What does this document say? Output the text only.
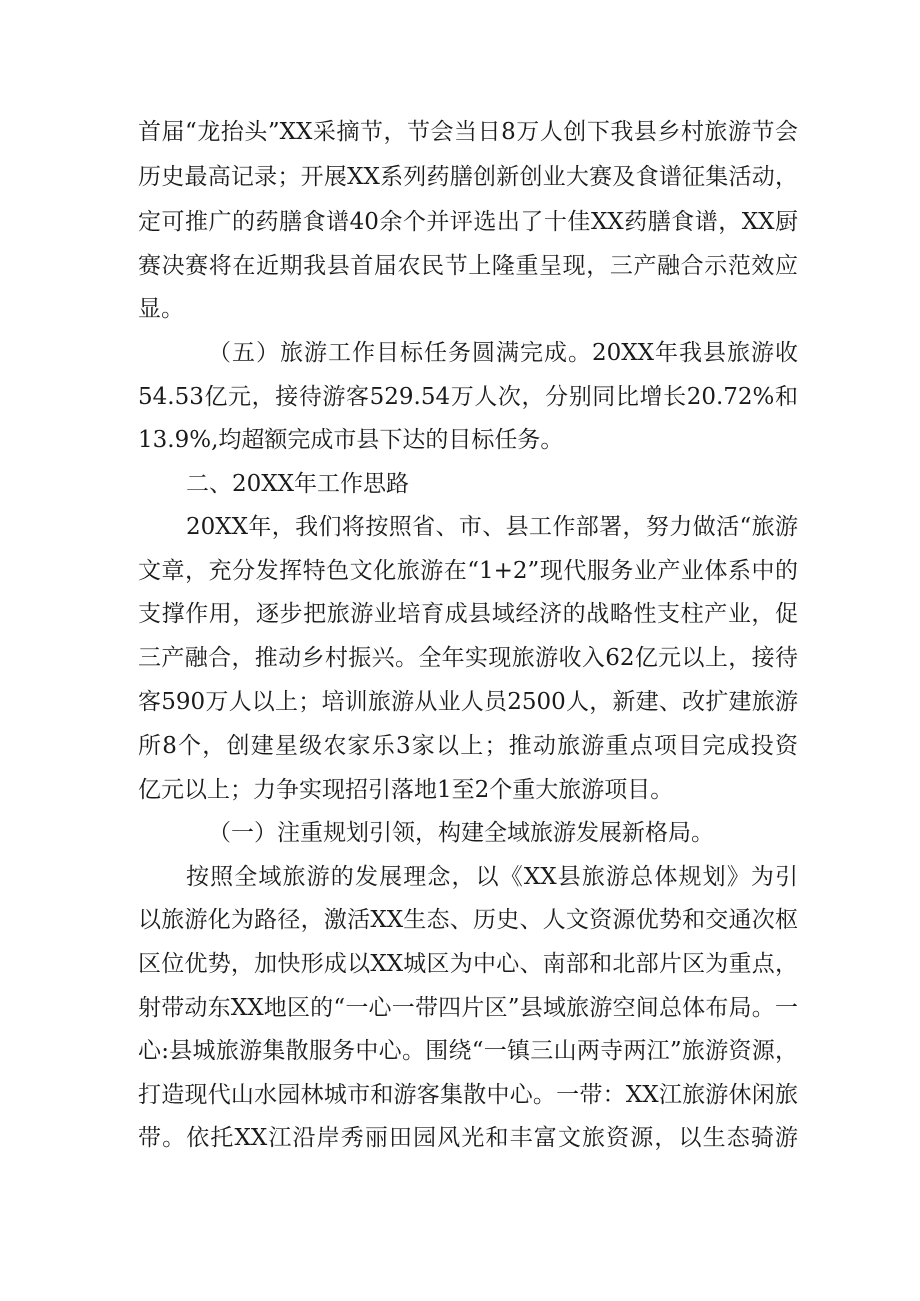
首届“龙抬头”XX采摘节，节会当日8万人创下我县乡村旅游节会
历史最高记录；开展XX系列药膳创新创业大赛及食谱征集活动，
定可推广的药膳食谱40余个并评选出了十佳XX药膳食谱，XX厨
赛决赛将在近期我县首届农民节上隆重呈现，三产融合示范效应
显。
（五）旅游工作目标任务圆满完成。20XX年我县旅游收
54.53亿元，接待游客529.54万人次，分别同比增长20.72%和
13.9%,均超额完成市县下达的目标任务。
二、20XX年工作思路
20XX年，我们将按照省、市、县工作部署，努力做活“旅游
文章，充分发挥特色文化旅游在“1+2”现代服务业产业体系中的
支撑作用，逐步把旅游业培育成县域经济的战略性支柱产业，促
三产融合，推动乡村振兴。全年实现旅游收入62亿元以上，接待
客590万人以上；培训旅游从业人员2500人，新建、改扩建旅游
所8个，创建星级农家乐3家以上；推动旅游重点项目完成投资
亿元以上；力争实现招引落地1至2个重大旅游项目。
（一）注重规划引领，构建全域旅游发展新格局。
按照全域旅游的发展理念，以《XX县旅游总体规划》为引
以旅游化为路径，激活XX生态、历史、人文资源优势和交通次枢
区位优势，加快形成以XX城区为中心、南部和北部片区为重点，
射带动东XX地区的“一心一带四片区”县域旅游空间总体布局。一
心:县城旅游集散服务中心。围绕“一镇三山两寺两江”旅游资源，
打造现代山水园林城市和游客集散中心。一带：XX江旅游休闲旅
带。依托XX江沿岸秀丽田园风光和丰富文旅资源，以生态骑游
